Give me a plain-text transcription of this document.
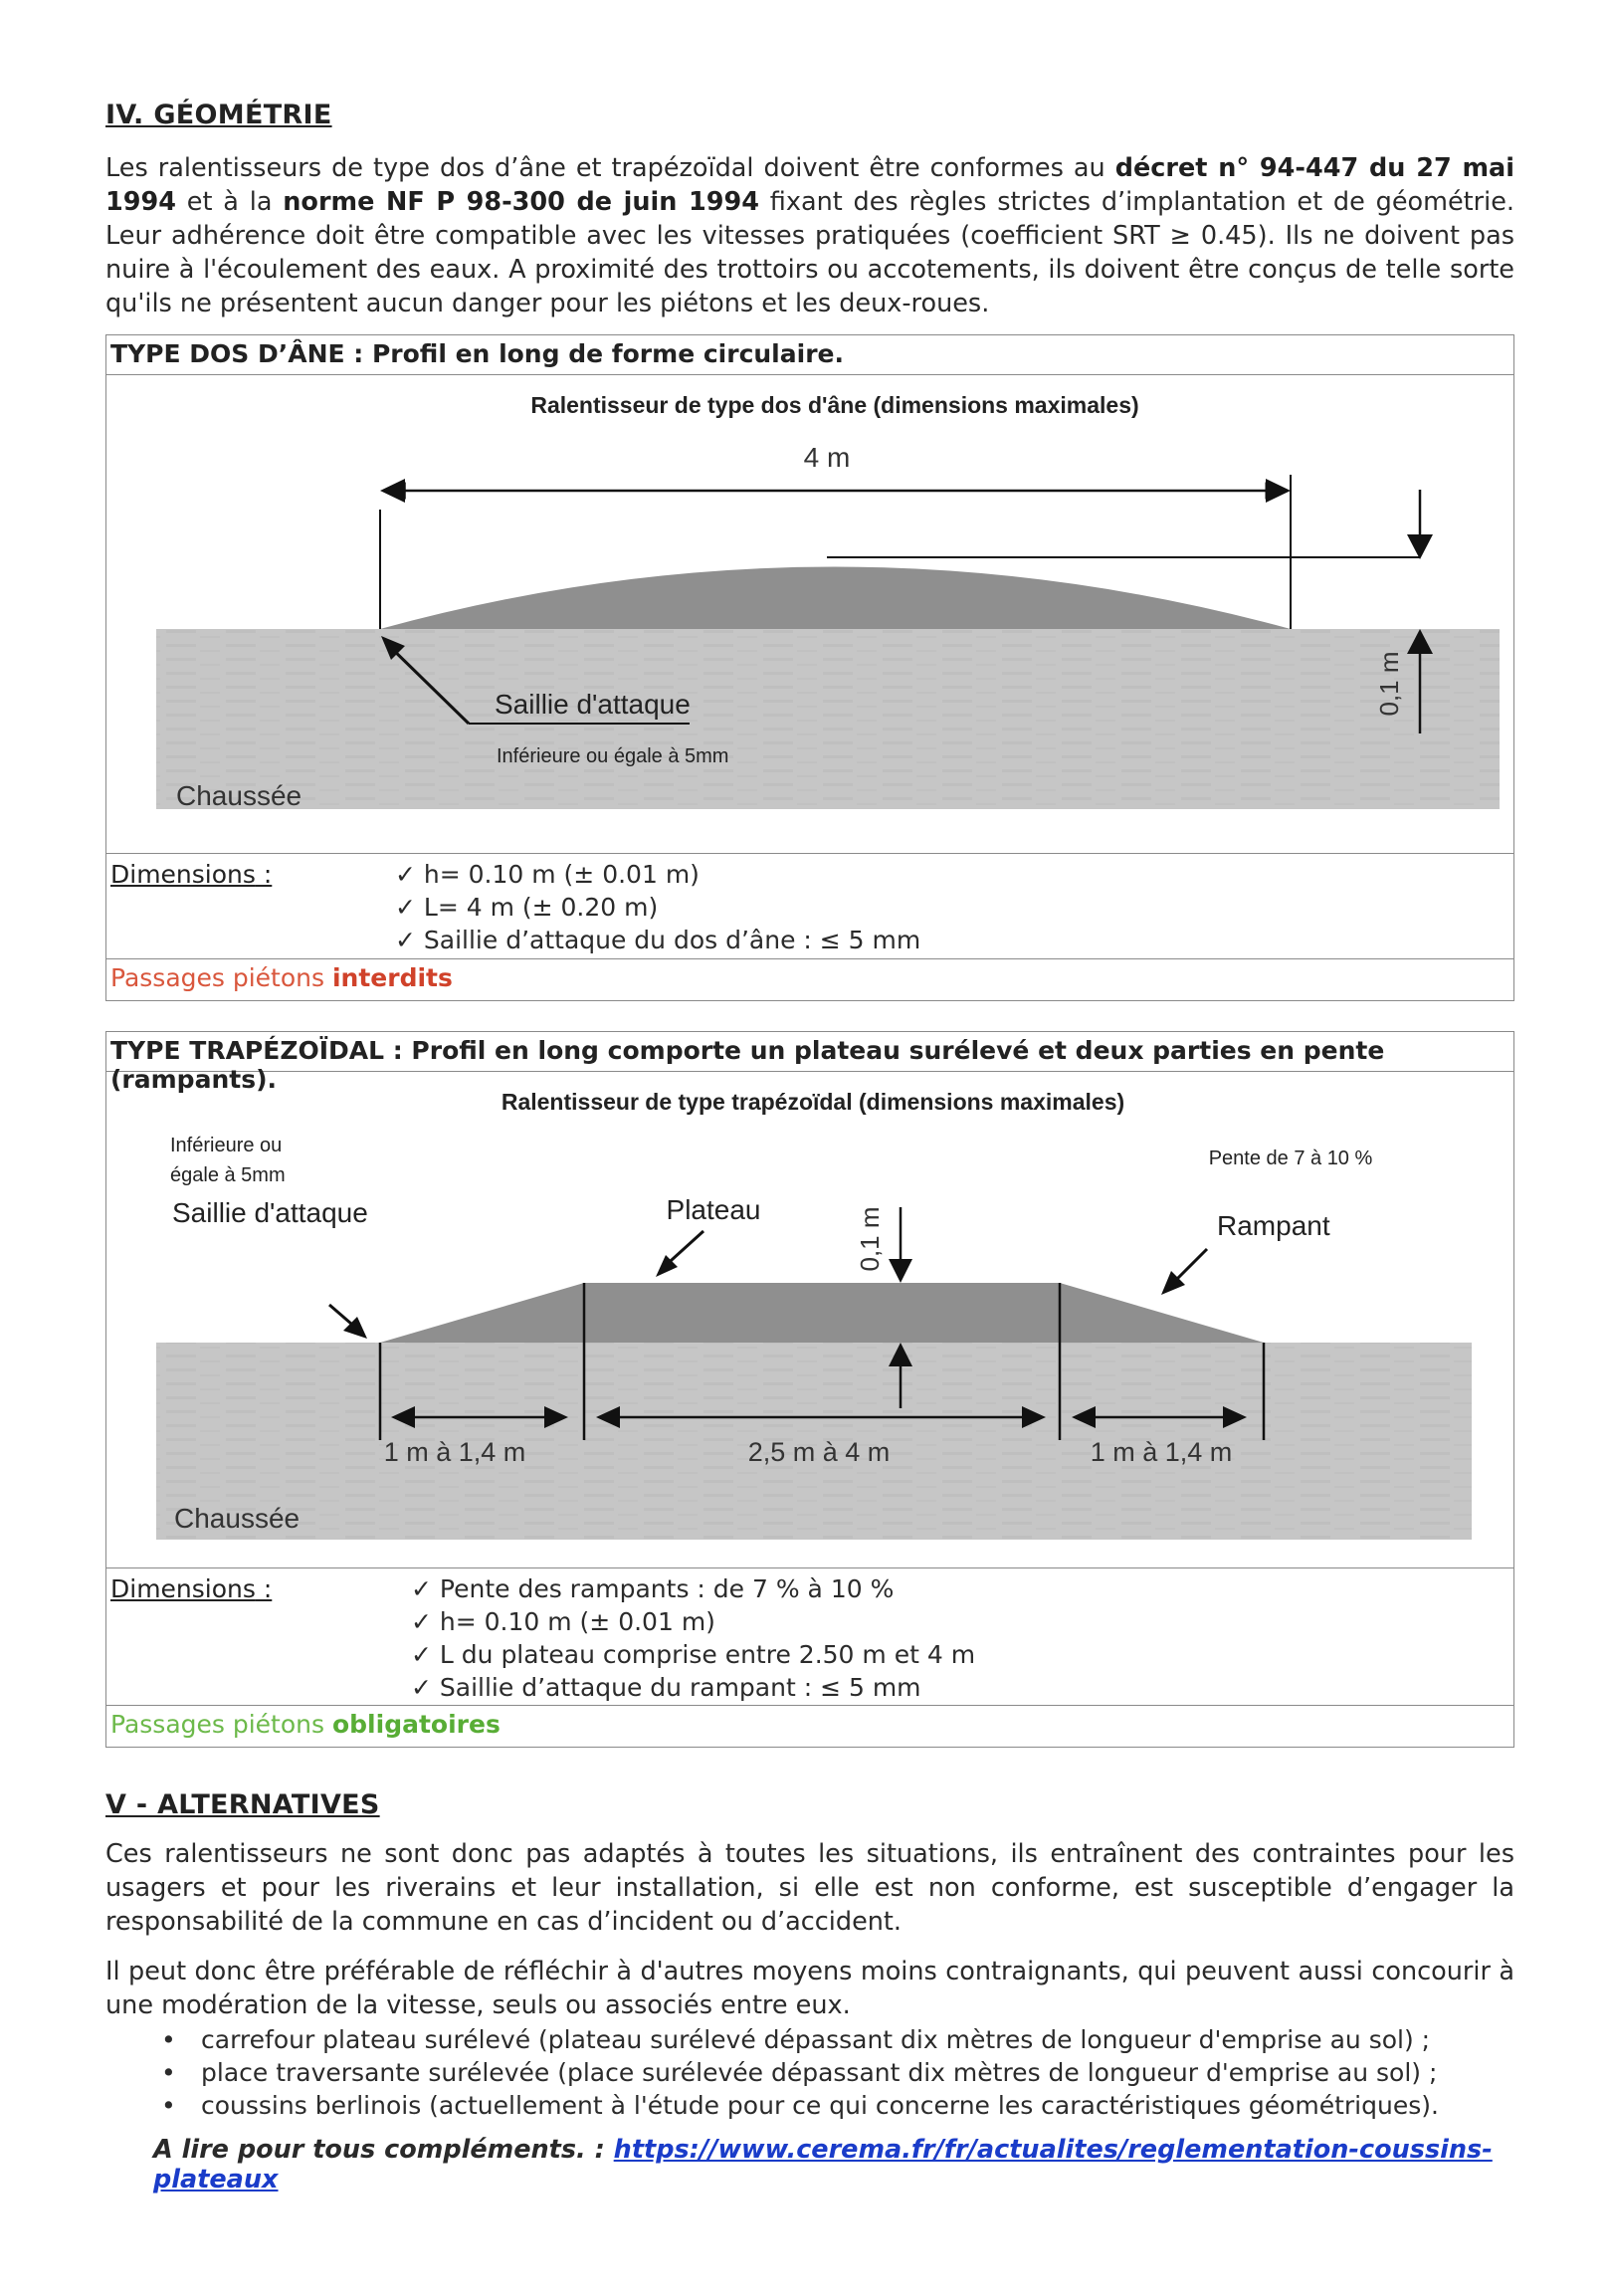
IV. GÉOMÉTRIE
Les ralentisseurs de type dos d’âne et trapézoïdal doivent être conformes au décret n° 94-447 du 27 mai 1994 et à la norme NF P 98-300 de juin 1994 fixant des règles strictes d’implantation et de géométrie. Leur adhérence doit être compatible avec les vitesses pratiquées (coefficient SRT ≥ 0.45). Ils ne doivent pas nuire à l'écoulement des eaux. A proximité des trottoirs ou accotements, ils doivent être conçus de telle sorte qu'ils ne présentent aucun danger pour les piétons et les deux-roues.
TYPE DOS D’ÂNE : Profil en long de forme circulaire.
Ralentisseur de type dos d'âne (dimensions maximales)
4 m
0,1 m
Saillie d'attaque
Inférieure ou égale à 5mm
Chaussée
Dimensions :	✓ h= 0.10 m (± 0.01 m)
✓ L= 4 m (± 0.20 m)
✓ Saillie d’attaque du dos d’âne : ≤ 5 mm
Passages piétons interdits
TYPE TRAPÉZOÏDAL : Profil en long comporte un plateau surélevé et deux parties en pente (rampants).
Ralentisseur de type trapézoïdal (dimensions maximales)
1 m à 1,4 m	2,5 m à 4 m	1 m à 1,4 m
0,1 m
Plateau
Inférieure ou
égale à 5mm
Saillie d'attaque
Pente de 7 à 10 %
Rampant
Chaussée
Dimensions :	✓ Pente des rampants : de 7 % à 10 %
✓ h= 0.10 m (± 0.01 m)
✓ L du plateau comprise entre 2.50 m et 4 m
✓ Saillie d’attaque du rampant : ≤ 5 mm
Passages piétons obligatoires
V - ALTERNATIVES
Ces ralentisseurs ne sont donc pas adaptés à toutes les situations, ils entraînent des contraintes pour les usagers et pour les riverains et leur installation, si elle est non conforme, est susceptible d’engager la responsabilité de la commune en cas d’incident ou d’accident.
Il peut donc être préférable de réfléchir à d'autres moyens moins contraignants, qui peuvent aussi concourir à une modération de la vitesse, seuls ou associés entre eux.
• carrefour plateau surélevé (plateau surélevé dépassant dix mètres de longueur d'emprise au sol) ;
• place traversante surélevée (place surélevée dépassant dix mètres de longueur d'emprise au sol) ;
• coussins berlinois (actuellement à l'étude pour ce qui concerne les caractéristiques géométriques).
A lire pour tous compléments. : https://www.cerema.fr/fr/actualites/reglementation-coussins-plateaux
